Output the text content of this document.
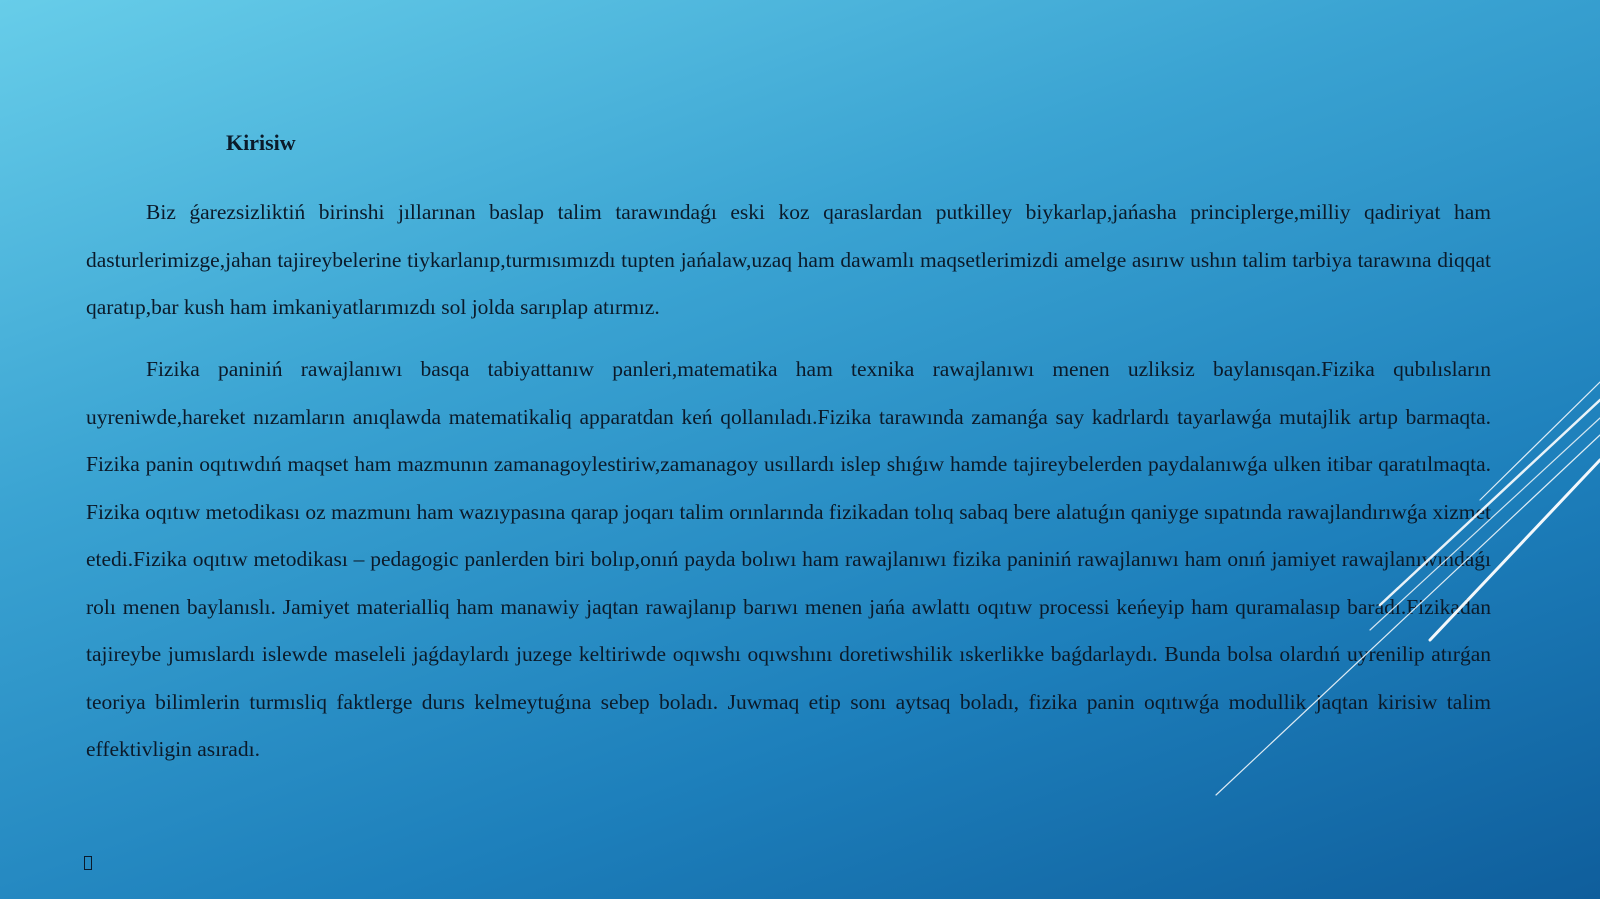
Kirisiw

Biz ǵarezsizliktiń birinshi jıllarınan baslap talim tarawındaǵı eski koz qaraslardan putkilley biykarlap,jańasha principlerge,milliy qadiriyat ham dasturlerimizge,jahan tajireybelerine tiykarlanıp,turmısımızdı tupten jańalaw,uzaq ham dawamlı maqsetlerimizdi amelge asırıw ushın talim tarbiya tarawına diqqat qaratıp,bar kush ham imkaniyatlarımızdı sol jolda sarıplap atırmız.

Fizika paniniń rawajlanıwı basqa tabiyattanıw panleri,matematika ham texnika rawajlanıwı menen uzliksiz baylanısqan.Fizika qubılısların uyreniwde,hareket nızamların anıqlawda matematikaliq apparatdan keń qollanıladı.Fizika tarawında zamanǵa say kadrlardı tayarlawǵa mutajlik artıp barmaqta. Fizika panin oqıtıwdıń maqset ham mazmunın zamanagoylestiriw,zamanagoy usıllardı islep shıǵıw hamde tajireybelerden paydalanıwǵa ulken itibar qaratılmaqta. Fizika oqıtıw metodikası oz mazmunı ham wazıypasına qarap joqarı talim orınlarında fizikadan tolıq sabaq bere alatuǵın qaniyge sıpatında rawajlandırıwǵa xizmet etedi.Fizika oqıtıw metodikası – pedagogic panlerden biri bolıp,onıń payda bolıwı ham rawajlanıwı fizika paniniń rawajlanıwı ham onıń jamiyet rawajlanıwındaǵı rolı menen baylanıslı. Jamiyet materialliq ham manawiy jaqtan rawajlanıp barıwı menen jańa awlattı oqıtıw processi keńeyip ham quramalasıp baradı.Fizikadan tajireybe jumıslardı islewde maseleli jaǵdaylardı juzege keltiriwde oqıwshı oqıwshını doretiwshilik ıskerlikke baǵdarlaydı. Bunda bolsa olardıń uyrenilip atırǵan teoriya bilimlerin turmısliq faktlerge durıs kelmeytuǵına sebep boladı. Juwmaq etip sonı aytsaq boladı, fizika panin oqıtıwǵa modullik jaqtan kirisiw talim effektivligin asıradı.
